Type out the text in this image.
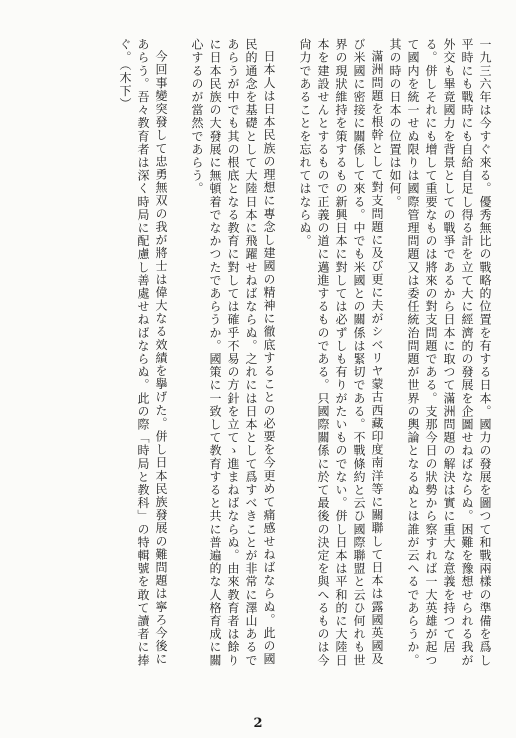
一九三六年は今すぐ來る。優秀無比の戰略的位置を有する日本。國力の發展を圖つて和戰兩樣の準備を爲し平時にも戰時にも自給自足し得る計を立て大に經濟的の發展を企圖せねばならぬ。困難を豫想せられる我が外交も畢竟國力を背景としての戰爭であるから日本に取つて滿洲問題の解決は實に重大な意義を持つて居る。併しそれにも增して重要なものは將來の對支問題である。支那今日の狀勢から察すれば一大英雄が起つて國内を統一せぬ限りは國際管理問題又は委任統治問題が世界の輿論となるぬとは誰が云へるであらうか。其の時の日本の位置は如何。

滿洲問題を根幹として對支問題に及び更に夫がシベリヤ蒙古西藏印度南洋等に關聯して日本は露國英國及び米國に密接に關係して來る。中でも米國との關係は緊切である。不戰條約と云ひ國際聯盟と云ひ何れも世界の現狀維持を策するもの新興日本に對しては必ずしも有りがたいものでない。併し日本は平和的に大陸日本を建設せんとするもので正義の道に邁進するものである。只國際關係に於て最後の決定を與へるものは今尙力であることを忘れてはならぬ。

日本人は日本民族の理想に專念し建國の精神に徹底することの必要を今更めて痛感せねばならぬ。此の國民的通念を基礎として大陸日本に飛躍せねばならぬ。之れには日本として爲すべきことが非常に澤山あるであらうが中でも其の根底となる教育に對しては確乎不易の方針を立てゝ進まねばならぬ。由來教育者は餘りに日本民族の大發展に無頓着でなかつたであらうか。國策に一致して教育すると共に普遍的な人格育成に關心するのが當然であらう。

今回事變突發して忠勇無双の我が將士は偉大なる效績を擧げた。併し日本民族發展の難問題は寧ろ今後にあらう。吾々教育者は深く時局に配慮し善處せねばならぬ。此の際「時局と教科」の特輯號を敢て讀者に捧ぐ。（木下）

2
